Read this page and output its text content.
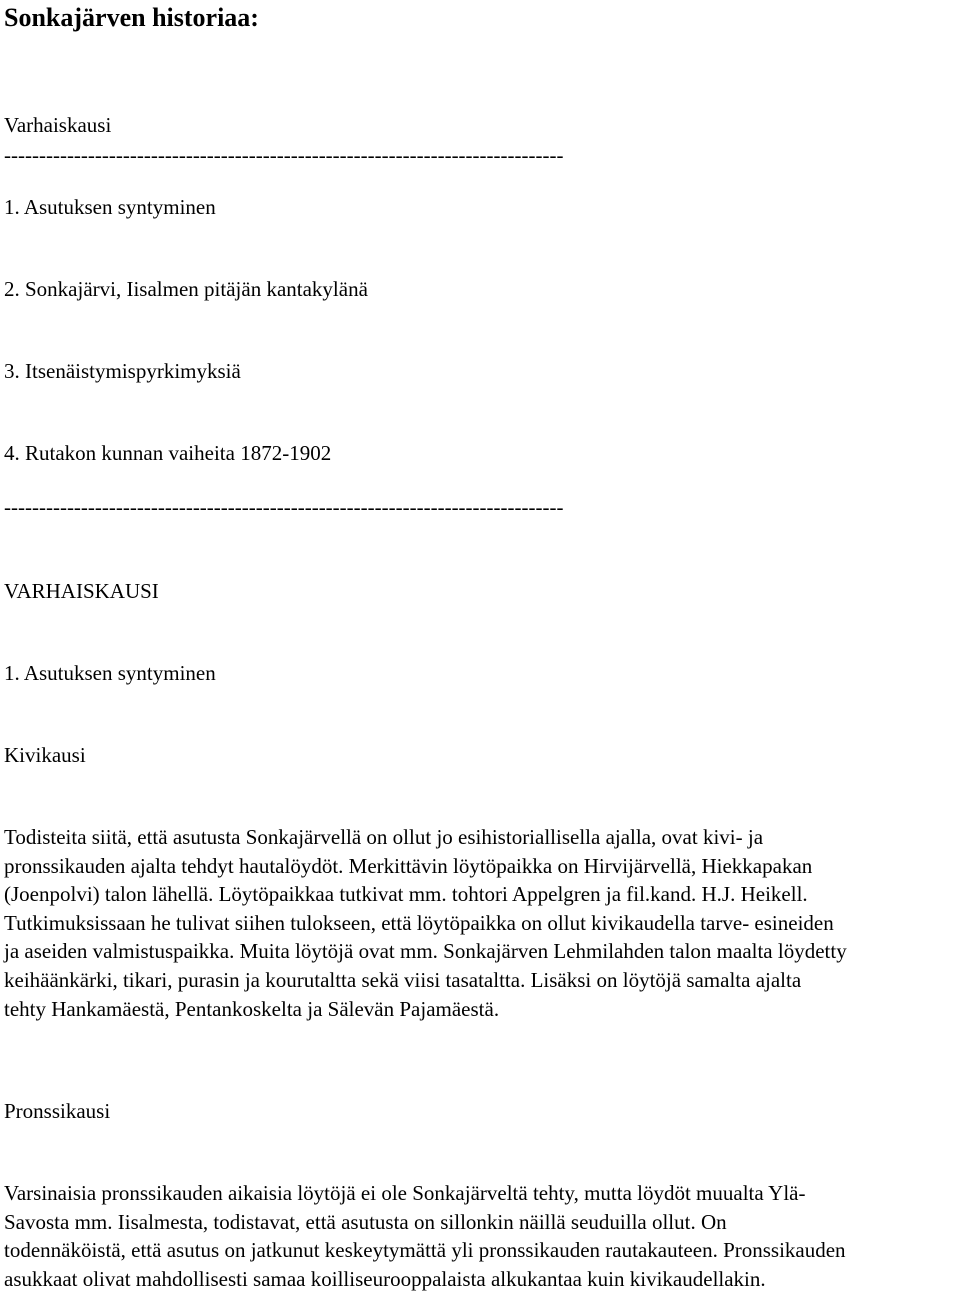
Sonkajärven historiaa:

Varhaiskausi

--------------------------------------------------------------------------------

1. Asutuksen syntyminen

2. Sonkajärvi, Iisalmen pitäjän kantakylänä

3. Itsenäistymispyrkimyksiä

4. Rutakon kunnan vaiheita 1872-1902

--------------------------------------------------------------------------------

VARHAISKAUSI

1. Asutuksen syntyminen

Kivikausi

Todisteita siitä, että asutusta Sonkajärvellä on ollut jo esihistoriallisella ajalla, ovat kivi- ja
pronssikauden ajalta tehdyt hautalöydöt. Merkittävin löytöpaikka on Hirvijärvellä, Hiekkapakan
(Joenpolvi) talon lähellä. Löytöpaikkaa tutkivat mm. tohtori Appelgren ja fil.kand. H.J. Heikell.
Tutkimuksissaan he tulivat siihen tulokseen, että löytöpaikka on ollut kivikaudella tarve- esineiden
ja aseiden valmistuspaikka. Muita löytöjä ovat mm. Sonkajärven Lehmilahden talon maalta löydetty
keihäänkärki, tikari, purasin ja kourutaltta sekä viisi tasataltta. Lisäksi on löytöjä samalta ajalta
tehty Hankamäestä, Pentankoskelta ja Sälevän Pajamäestä.

Pronssikausi

Varsinaisia pronssikauden aikaisia löytöjä ei ole Sonkajärveltä tehty, mutta löydöt muualta Ylä-
Savosta mm. Iisalmesta, todistavat, että asutusta on sillonkin näillä seuduilla ollut. On
todennäköistä, että asutus on jatkunut keskeytymättä yli pronssikauden rautakauteen. Pronssikauden
asukkaat olivat mahdollisesti samaa koilliseurooppalaista alkukantaa kuin kivikaudellakin.
